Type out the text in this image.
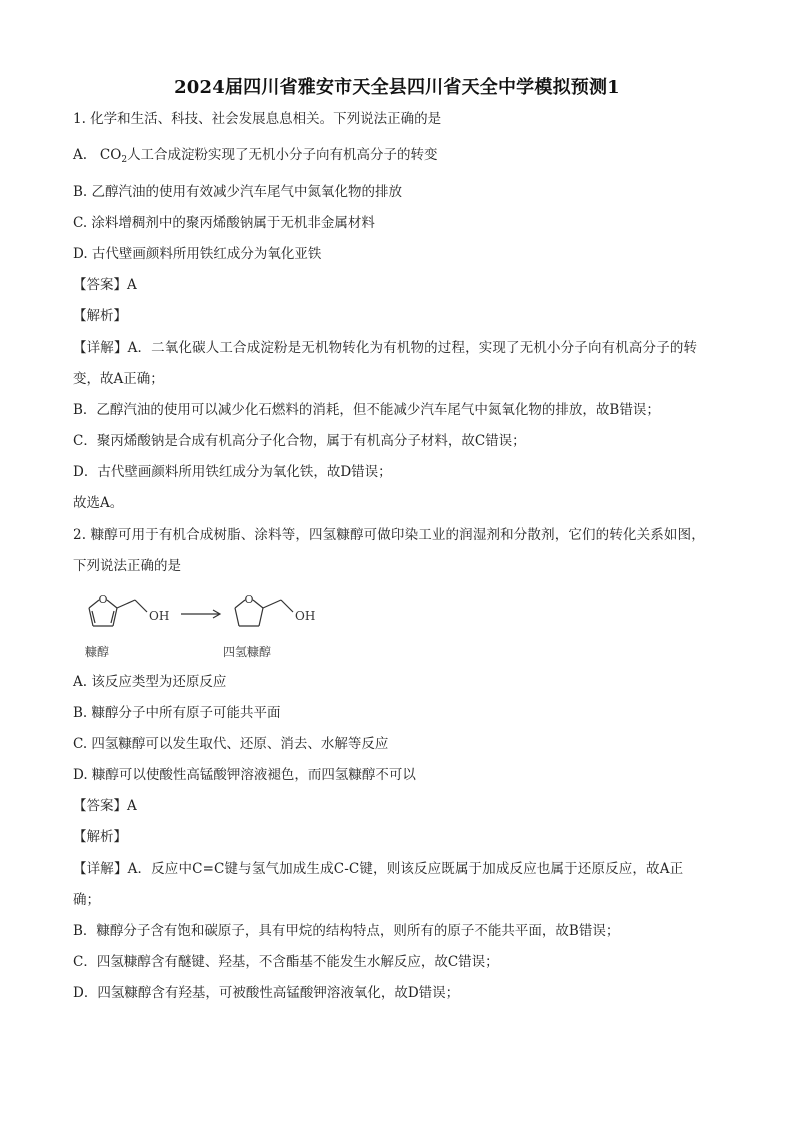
2024届四川省雅安市天全县四川省天全中学模拟预测1
1. 化学和生活、科技、社会发展息息相关。下列说法正确的是
A. $CO_2$人工合成淀粉实现了无机小分子向有机高分子的转变
B. 乙醇汽油的使用有效减少汽车尾气中氮氧化物的排放
C. 涂料增稠剂中的聚丙烯酸钠属于无机非金属材料
D. 古代壁画颜料所用铁红成分为氧化亚铁
【答案】A
【解析】
【详解】A．二氧化碳人工合成淀粉是无机物转化为有机物的过程，实现了无机小分子向有机高分子的转
变，故A正确；
B．乙醇汽油的使用可以减少化石燃料的消耗，但不能减少汽车尾气中氮氧化物的排放，故B错误；
C．聚丙烯酸钠是合成有机高分子化合物，属于有机高分子材料，故C错误；
D．古代壁画颜料所用铁红成分为氧化铁，故D错误；
故选A。
2. 糠醇可用于有机合成树脂、涂料等，四氢糠醇可做印染工业的润湿剂和分散剂，它们的转化关系如图，
下列说法正确的是
O
OH
O
OH
糠醇	四氢糠醇
A. 该反应类型为还原反应
B. 糠醇分子中所有原子可能共平面
C. 四氢糠醇可以发生取代、还原、消去、水解等反应
D. 糠醇可以使酸性高锰酸钾溶液褪色，而四氢糠醇不可以
【答案】A
【解析】
【详解】A．反应中C=C键与氢气加成生成C-C键，则该反应既属于加成反应也属于还原反应，故A正
确；
B．糠醇分子含有饱和碳原子，具有甲烷的结构特点，则所有的原子不能共平面，故B错误；
C．四氢糠醇含有醚键、羟基，不含酯基不能发生水解反应，故C错误；
D．四氢糠醇含有羟基，可被酸性高锰酸钾溶液氧化，故D错误；
